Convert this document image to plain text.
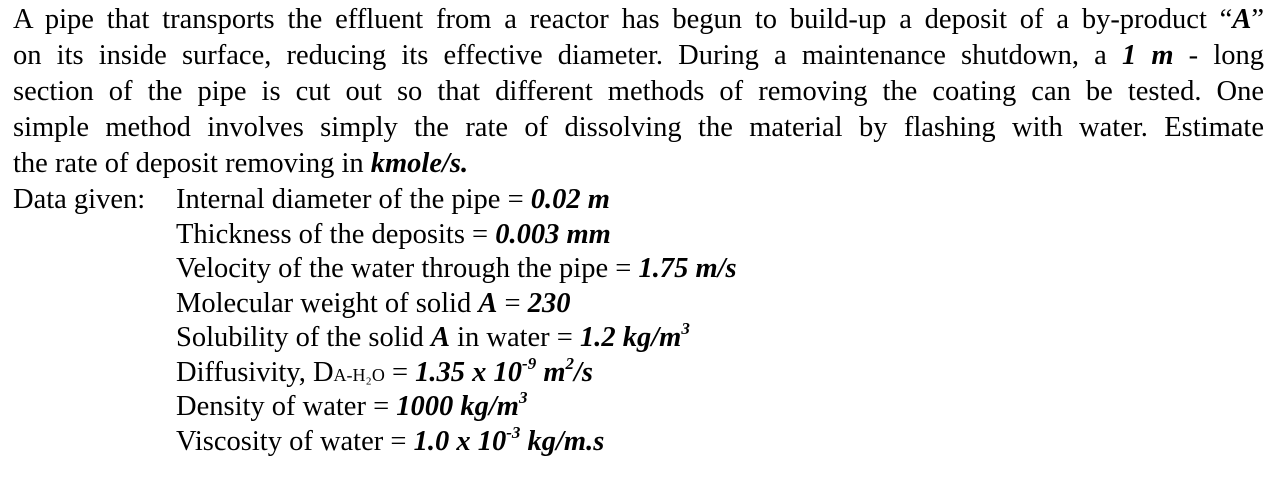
A pipe that transports the effluent from a reactor has begun to build-up a deposit of a by-product “A”
on its inside surface, reducing its effective diameter. During a maintenance shutdown, a 1 m - long
section of the pipe is cut out so that different methods of removing the coating can be tested. One
simple method involves simply the rate of dissolving the material by flashing with water. Estimate
the rate of deposit removing in kmole/s.
Data given: Internal diameter of the pipe = 0.02 m
Thickness of the deposits = 0.003 mm
Velocity of the water through the pipe = 1.75 m/s
Molecular weight of solid A = 230
Solubility of the solid A in water = 1.2 $kg/m^3$
Diffusivity, DA-H₂O = 1.35 x $10^{-9}$ $m^2/s$
Density of water = 1000 $kg/m^3$
Viscosity of water = 1.0 x $10^{-3}$ kg/m.s
